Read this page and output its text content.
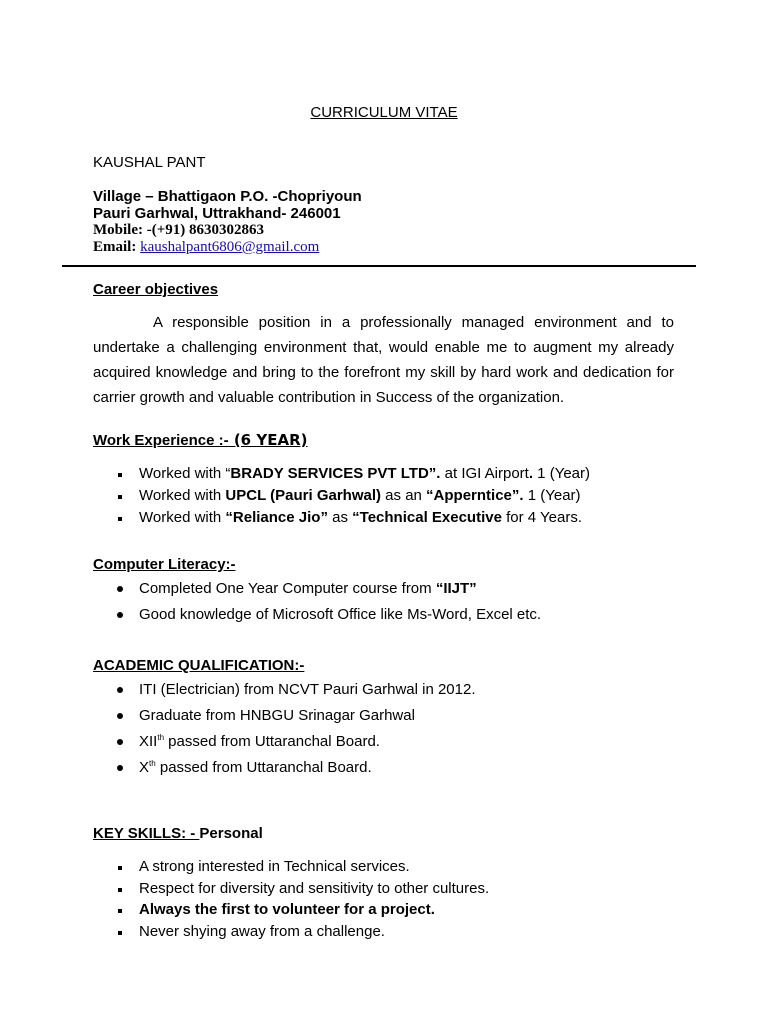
CURRICULUM VITAE
KAUSHAL PANT
Village – Bhattigaon P.O. -Chopriyoun
Pauri Garhwal, Uttrakhand- 246001
Mobile: -(+91) 8630302863
Email: kaushalpant6806@gmail.com
Career objectives
A responsible position in a professionally managed environment and to undertake a challenging environment that, would enable me to augment my already acquired knowledge and bring to the forefront my skill by hard work and dedication for carrier growth and valuable contribution in Success of the organization.
Work Experience :- (6 YEAR)
Worked with “BRADY SERVICES PVT LTD”. at IGI Airport. 1 (Year)
Worked with UPCL (Pauri Garhwal) as an “Apperntice”. 1 (Year)
Worked with “Reliance Jio” as “Technical Executive for 4 Years.
Computer Literacy:-
Completed One Year Computer course from “IIJT”
Good knowledge of Microsoft Office like Ms-Word, Excel etc.
ACADEMIC QUALIFICATION:-
ITI (Electrician) from NCVT Pauri Garhwal in 2012.
Graduate from HNBGU Srinagar Garhwal
XIIth passed from Uttaranchal Board.
Xth passed from Uttaranchal Board.
KEY SKILLS: - Personal
A strong interested in Technical services.
Respect for diversity and sensitivity to other cultures.
Always the first to volunteer for a project.
Never shying away from a challenge.
